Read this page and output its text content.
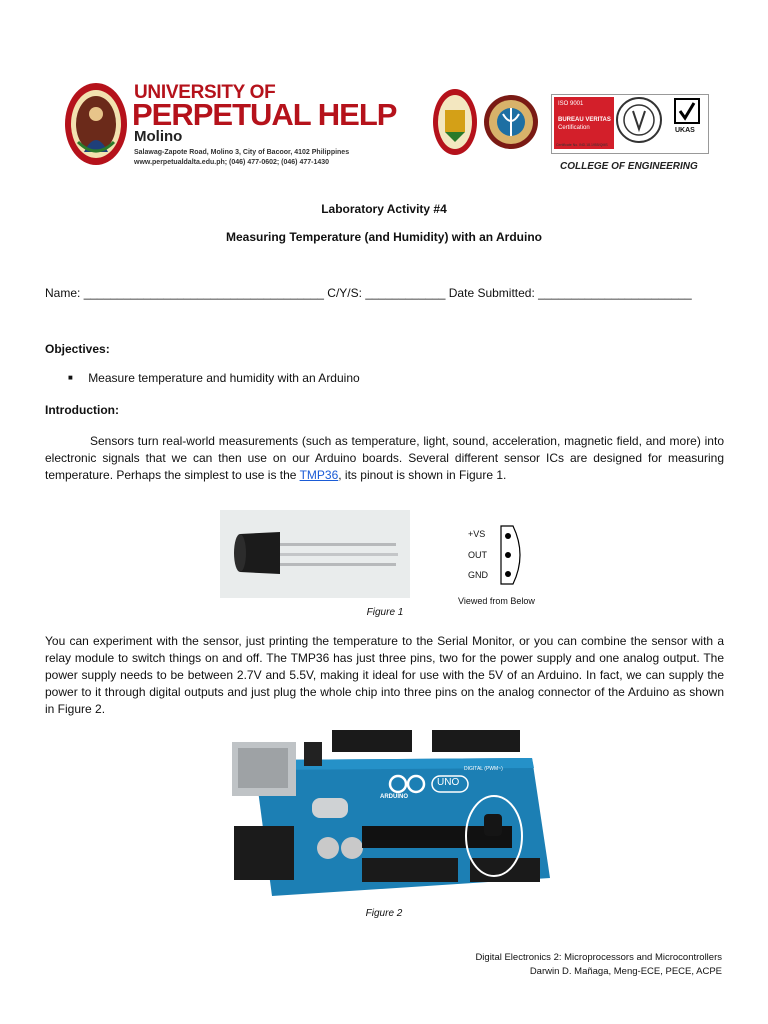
UNIVERSITY OF
PERPETUAL HELP
Molino
Salawag-Zapote Road, Molino 3, City of Bacoor, 4102 Philippines
www.perpetualdalta.edu.ph; (046) 477-0602; (046) 477-1430
ISO 9001
BUREAU VERITAS
Certification
Certificate No. IND.18.1955/QMS
UKAS
COLLEGE OF ENGINEERING
Laboratory Activity #4
Measuring Temperature (and Humidity) with an Arduino
Name: ____________________________________ C/Y/S: ____________ Date Submitted: _______________________
Objectives:
■ Measure temperature and humidity with an Arduino
Introduction:
Sensors turn real-world measurements (such as temperature, light, sound, acceleration, magnetic field, and more) into electronic signals that we can then use on our Arduino boards. Several different sensor ICs are designed for measuring temperature. Perhaps the simplest to use is the TMP36, its pinout is shown in Figure 1.
+VS
OUT
GND
Viewed from Below
Figure 1
You can experiment with the sensor, just printing the temperature to the Serial Monitor, or you can combine the sensor with a relay module to switch things on and off. The TMP36 has just three pins, two for the power supply and one analog output. The power supply needs to be between 2.7V and 5.5V, making it ideal for use with the 5V of an Arduino. In fact, we can supply the power to it through digital outputs and just plug the whole chip into three pins on the analog connector of the Arduino as shown in Figure 2.
ARDUINO
UNO
DIGITAL (PWM~)
Figure 2
Digital Electronics 2: Microprocessors and Microcontrollers
Darwin D. Mañaga, Meng-ECE, PECE, ACPE
